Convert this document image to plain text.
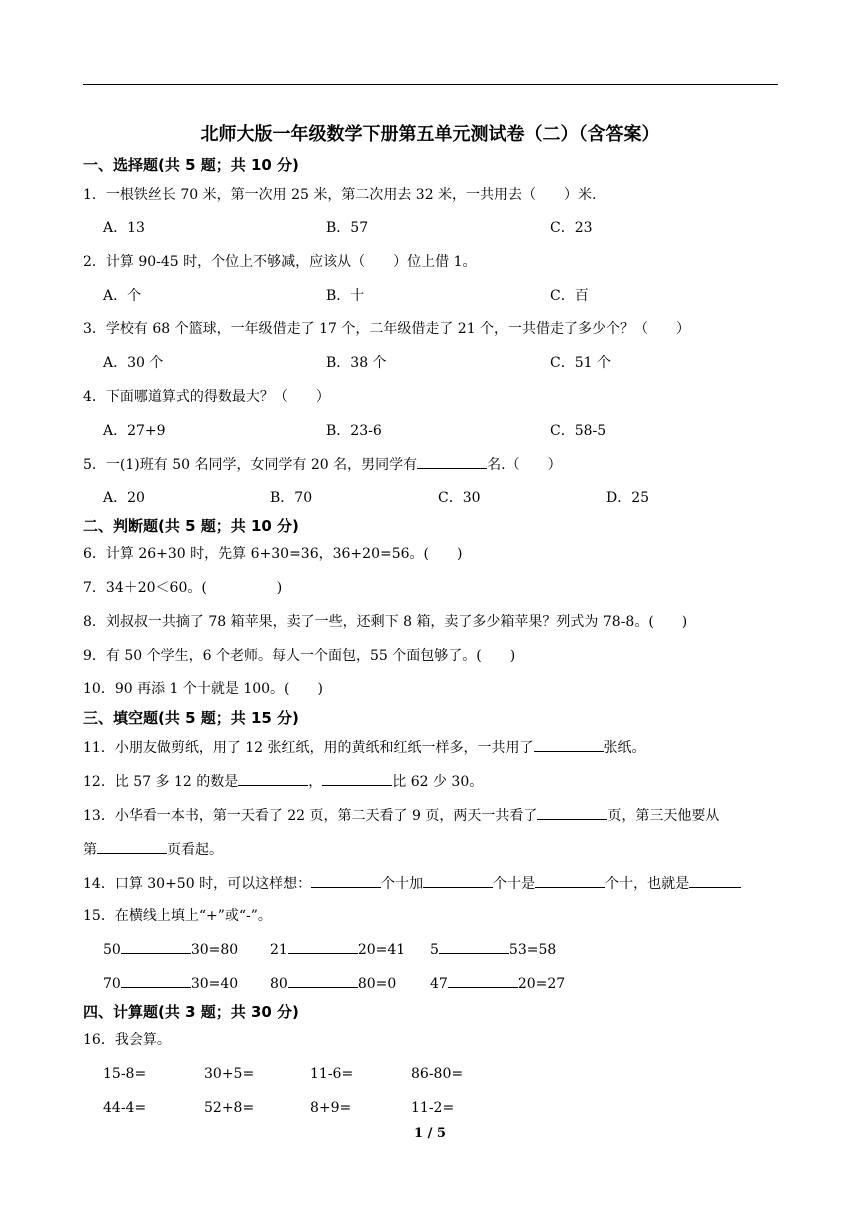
北师大版一年级数学下册第五单元测试卷（二）（含答案）
一、选择题(共 5 题；共 10 分)
1．一根铁丝长 70 米，第一次用 25 米，第二次用去 32 米，一共用去（　　）米.
A．13	B．57	C．23
2．计算 90-45 时，个位上不够减，应该从（　　）位上借 1。
A．个	B．十	C．百
3．学校有 68 个篮球，一年级借走了 17 个，二年级借走了 21 个，一共借走了多少个？（　　）
A．30 个	B．38 个	C．51 个
4．下面哪道算式的得数最大？（　　）
A．27+9	B．23-6	C．58-5
5．一(1)班有 50 名同学，女同学有 20 名，男同学有	名.（　　）
A．20	B．70	C．30	D．25
二、判断题(共 5 题；共 10 分)
6．计算 26+30 时，先算 6+30=36，36+20=56。(　　)
7．34＋20＜60。(　　　　　)
8．刘叔叔一共摘了 78 箱苹果，卖了一些，还剩下 8 箱，卖了多少箱苹果？列式为 78-8。(　　)
9．有 50 个学生，6 个老师。每人一个面包，55 个面包够了。(　　)
10．90 再添 1 个十就是 100。(　　)
三、填空题(共 5 题；共 15 分)
11．小朋友做剪纸，用了 12 张红纸，用的黄纸和红纸一样多，一共用了	张纸。
12．比 57 多 12 的数是	，	比 62 少 30。
13．小华看一本书，第一天看了 22 页，第二天看了 9 页，两天一共看了	页，第三天他要从
第	页看起。
14．口算 30+50 时，可以这样想：	个十加	个十是	个十，也就是
15．在横线上填上“+”或“-”。
50	30=80 21	20=41 5	53=58
70	30=40 80	80=0 47	20=27
四、计算题(共 3 题；共 30 分)
16．我会算。
15-8=	30+5=	11-6=	86-80=
44-4=	52+8=	8+9=	11-2=
1 / 5
